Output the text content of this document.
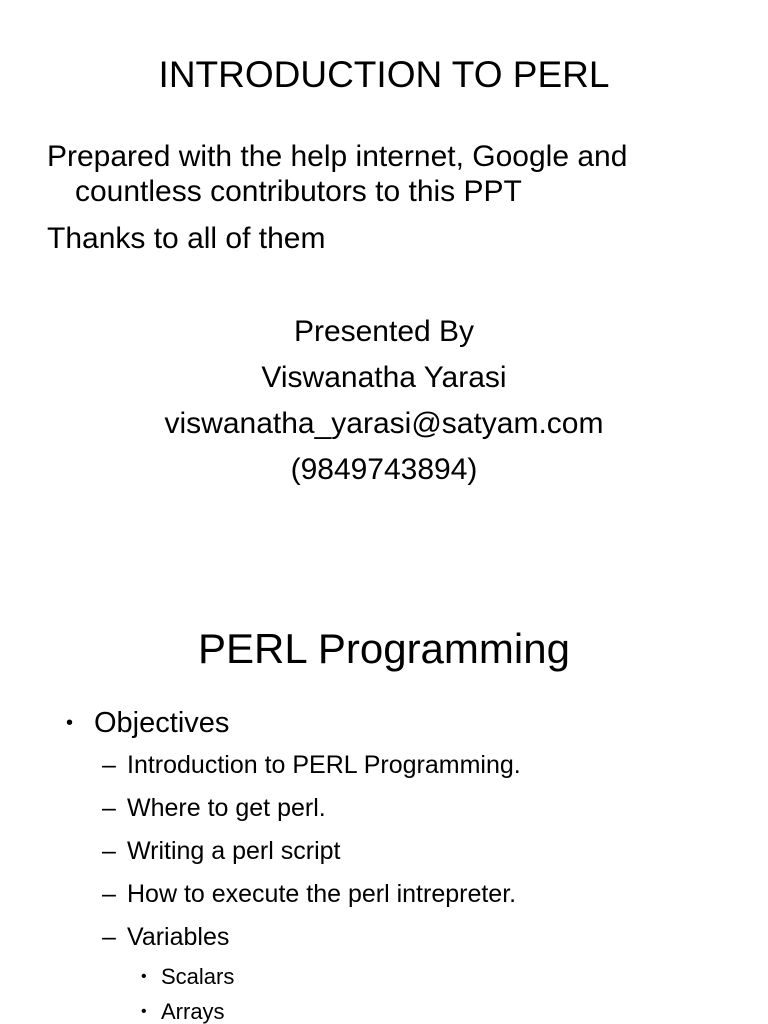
INTRODUCTION TO PERL
Prepared with the help internet, Google and
countless contributors to this PPT
Thanks to all of them
Presented By
Viswanatha Yarasi
viswanatha_yarasi@satyam.com
(9849743894)
PERL Programming
• Objectives
– Introduction to PERL Programming.
– Where to get perl.
– Writing a perl script
– How to execute the perl intrepreter.
– Variables
• Scalars
• Arrays
